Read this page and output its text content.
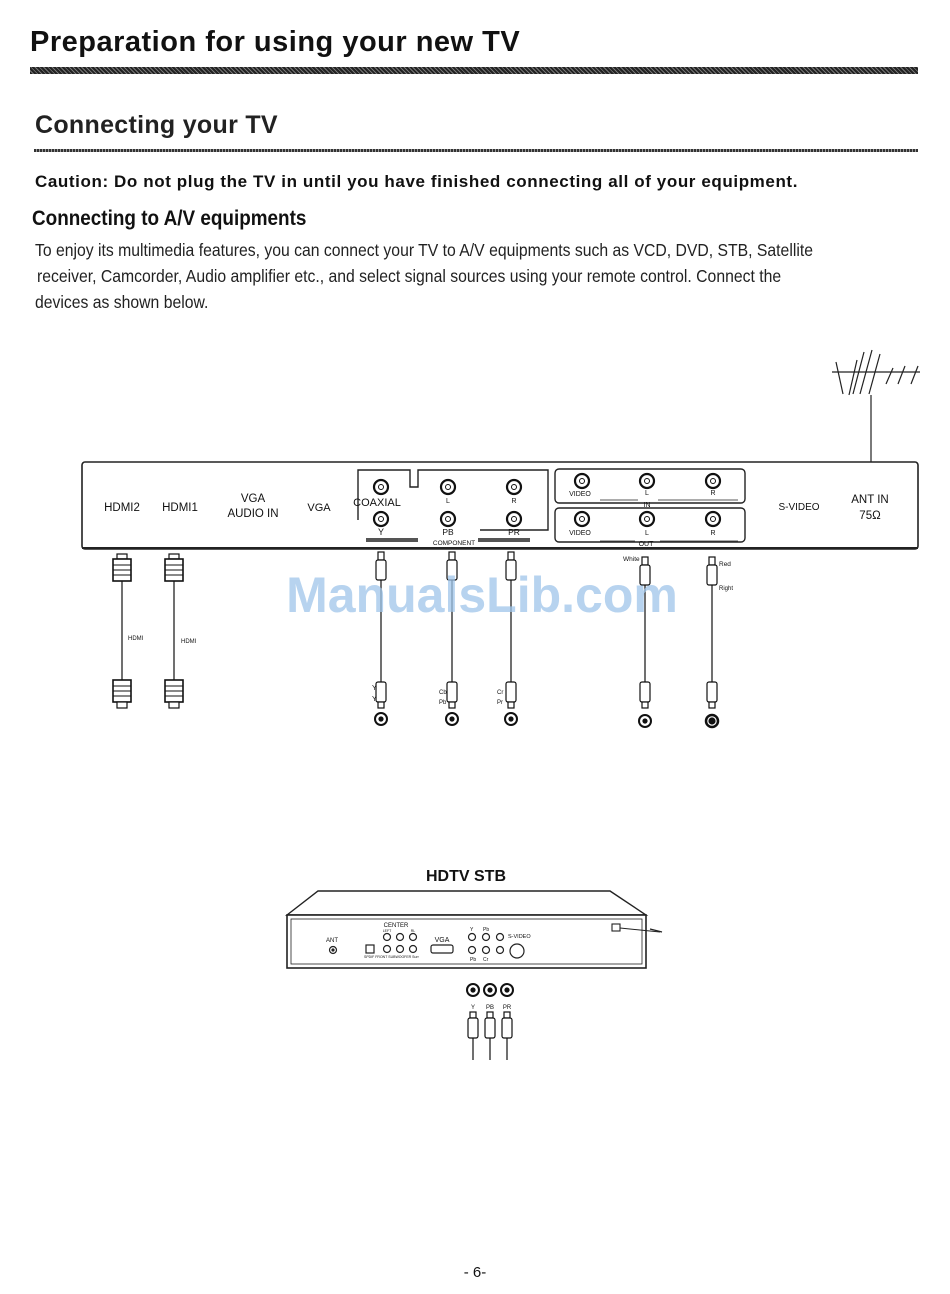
Preparation for using your new TV
Connecting your TV
Caution: Do not plug the TV in until you have finished connecting all of your equipment.
Connecting to A/V equipments
To enjoy its multimedia features, you can connect your TV to A/V equipments such as VCD, DVD, STB, Satellite
receiver, Camcorder, Audio amplifier etc., and select signal sources using your remote control. Connect the
devices as shown below.
HDMI2 HDMI1
VGA
AUDIO IN	VGA COAXIAL
Y
L	R
PB	PR
COMPONENT
VIDEO	L	R
IN
VIDEO	L	R
OUT
S-VIDEO
ANT IN
75Ω
HDMI	HDMI
Y
Y
Cb
Pb
Cr
Pr
White
Red
Right
ManualsLib.com
HDTV STB
CENTER
LEFT	RL
ANT	VGA	S-VIDEO
Y Pb
Pb Cr
SPDIF FRONT SUBWOOFER Surr
Y PB PR
- 6-
